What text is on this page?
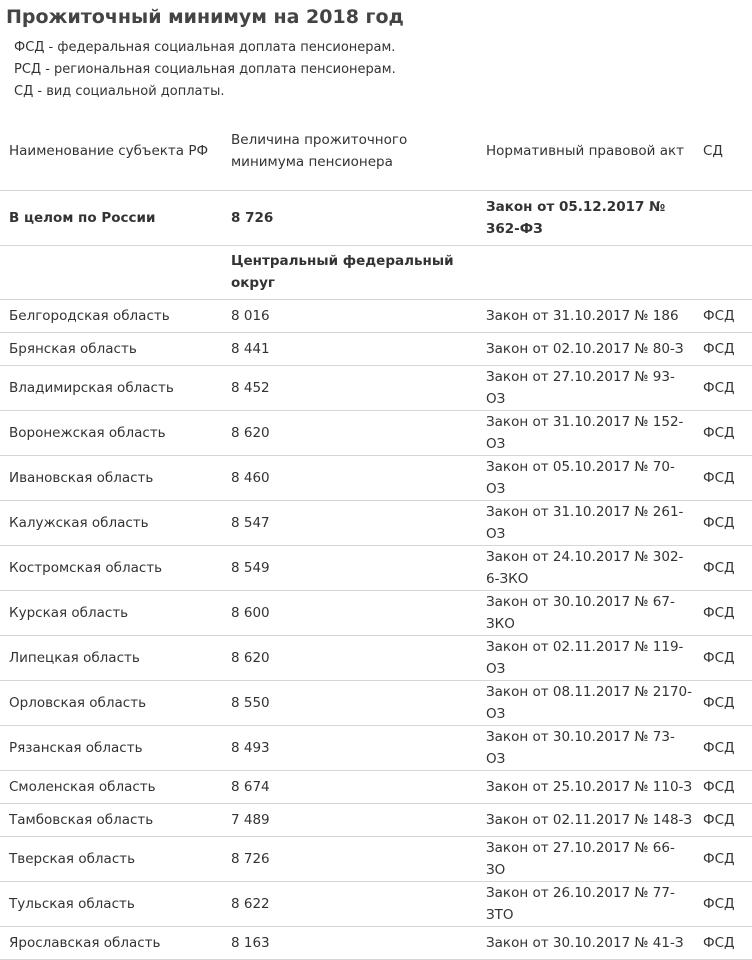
Прожиточный минимум на 2018 год
ФСД - федеральная социальная доплата пенсионерам.
РСД - региональная социальная доплата пенсионерам.
СД - вид социальной доплаты.
Наименование субъекта РФ	Величина прожиточного минимума пенсионера	Нормативный правовой акт	СД
В целом по России	8 726	Закон от 05.12.2017 № 362-ФЗ	
	Центральный федеральный округ		
Белгородская область	8 016	Закон от 31.10.2017 № 186	ФСД
Брянская область	8 441	Закон от 02.10.2017 № 80-З	ФСД
Владимирская область	8 452	Закон от 27.10.2017 № 93-ОЗ	ФСД
Воронежская область	8 620	Закон от 31.10.2017 № 152-ОЗ	ФСД
Ивановская область	8 460	Закон от 05.10.2017 № 70-ОЗ	ФСД
Калужская область	8 547	Закон от 31.10.2017 № 261-ОЗ	ФСД
Костромская область	8 549	Закон от 24.10.2017 № 302-6-ЗКО	ФСД
Курская область	8 600	Закон от 30.10.2017 № 67-ЗКО	ФСД
Липецкая область	8 620	Закон от 02.11.2017 № 119-ОЗ	ФСД
Орловская область	8 550	Закон от 08.11.2017 № 2170-ОЗ	ФСД
Рязанская область	8 493	Закон от 30.10.2017 № 73-ОЗ	ФСД
Смоленская область	8 674	Закон от 25.10.2017 № 110-З	ФСД
Тамбовская область	7 489	Закон от 02.11.2017 № 148-З	ФСД
Тверская область	8 726	Закон от 27.10.2017 № 66-ЗО	ФСД
Тульская область	8 622	Закон от 26.10.2017 № 77-ЗТО	ФСД
Ярославская область	8 163	Закон от 30.10.2017 № 41-З	ФСД
